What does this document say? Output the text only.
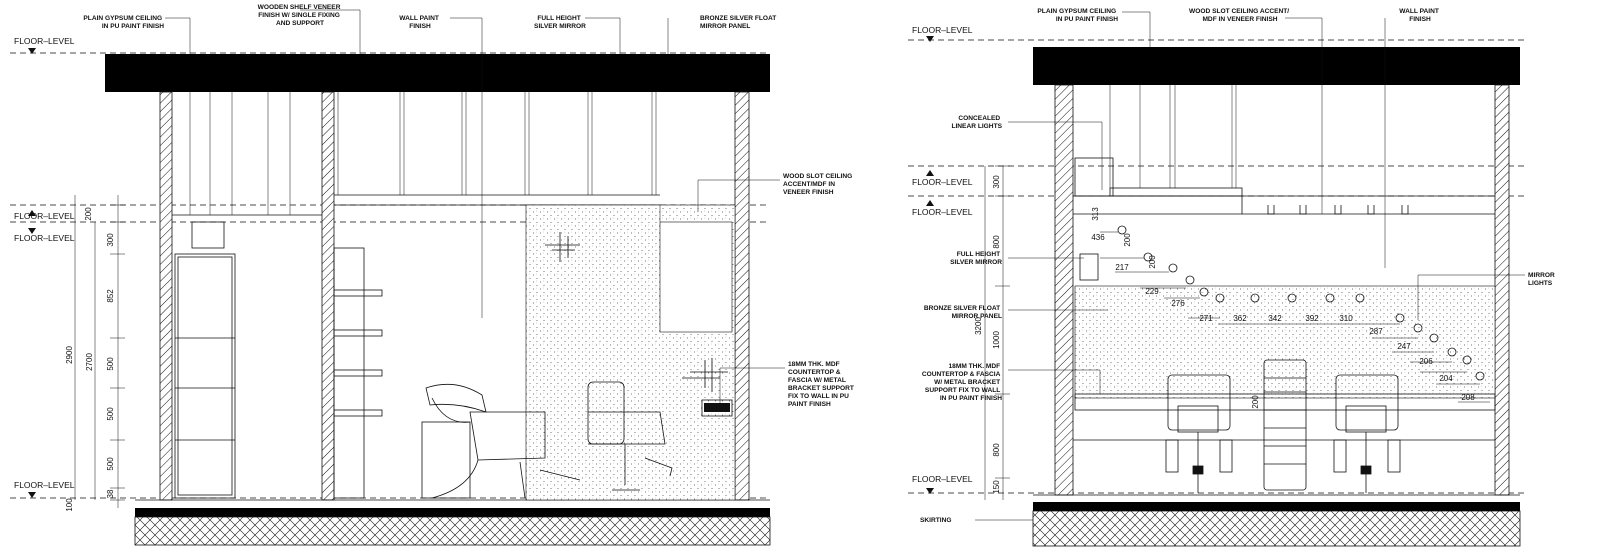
PLAIN GYPSUM CEILING IN PU PAINT FINISH
WOODEN SHELF VENEER FINISH W/ SINGLE FIXING AND SUPPORT
WALL PAINT FINISH
FULL HEIGHT SILVER MIRROR
BRONZE SILVER FLOAT MIRROR PANEL
WOOD SLOT CEILING ACCENT/MDF IN VENEER FINISH
18MM THK. MDF COUNTERTOP & FASCIA W/ METAL BRACKET SUPPORT FIX TO WALL IN PU PAINT FINISH
FLOOR–LEVEL
FLOOR–LEVEL
FLOOR–LEVEL
FLOOR–LEVEL
200
300
852
500
500
500
38
100
2900 2700
PLAIN GYPSUM CEILING IN PU PAINT FINISH
WOOD SLOT CEILING ACCENT/ MDF IN VENEER FINISH
WALL PAINT FINISH
CONCEALED LINEAR LIGHTS
FULL HEIGHT SILVER MIRROR
BRONZE SILVER FLOAT MIRROR PANEL
18MM THK. MDF COUNTERTOP & FASCIA W/ METAL BRACKET SUPPORT FIX TO WALL IN PU PAINT FINISH
MIRROR LIGHTS
SKIRTING
FLOOR–LEVEL
FLOOR–LEVEL
FLOOR–LEVEL
FLOOR–LEVEL
300
800
1000
800
150
3200
313
436 200
217 200
229
276
271	362	342	392	310
287
247
206
204
208
200
